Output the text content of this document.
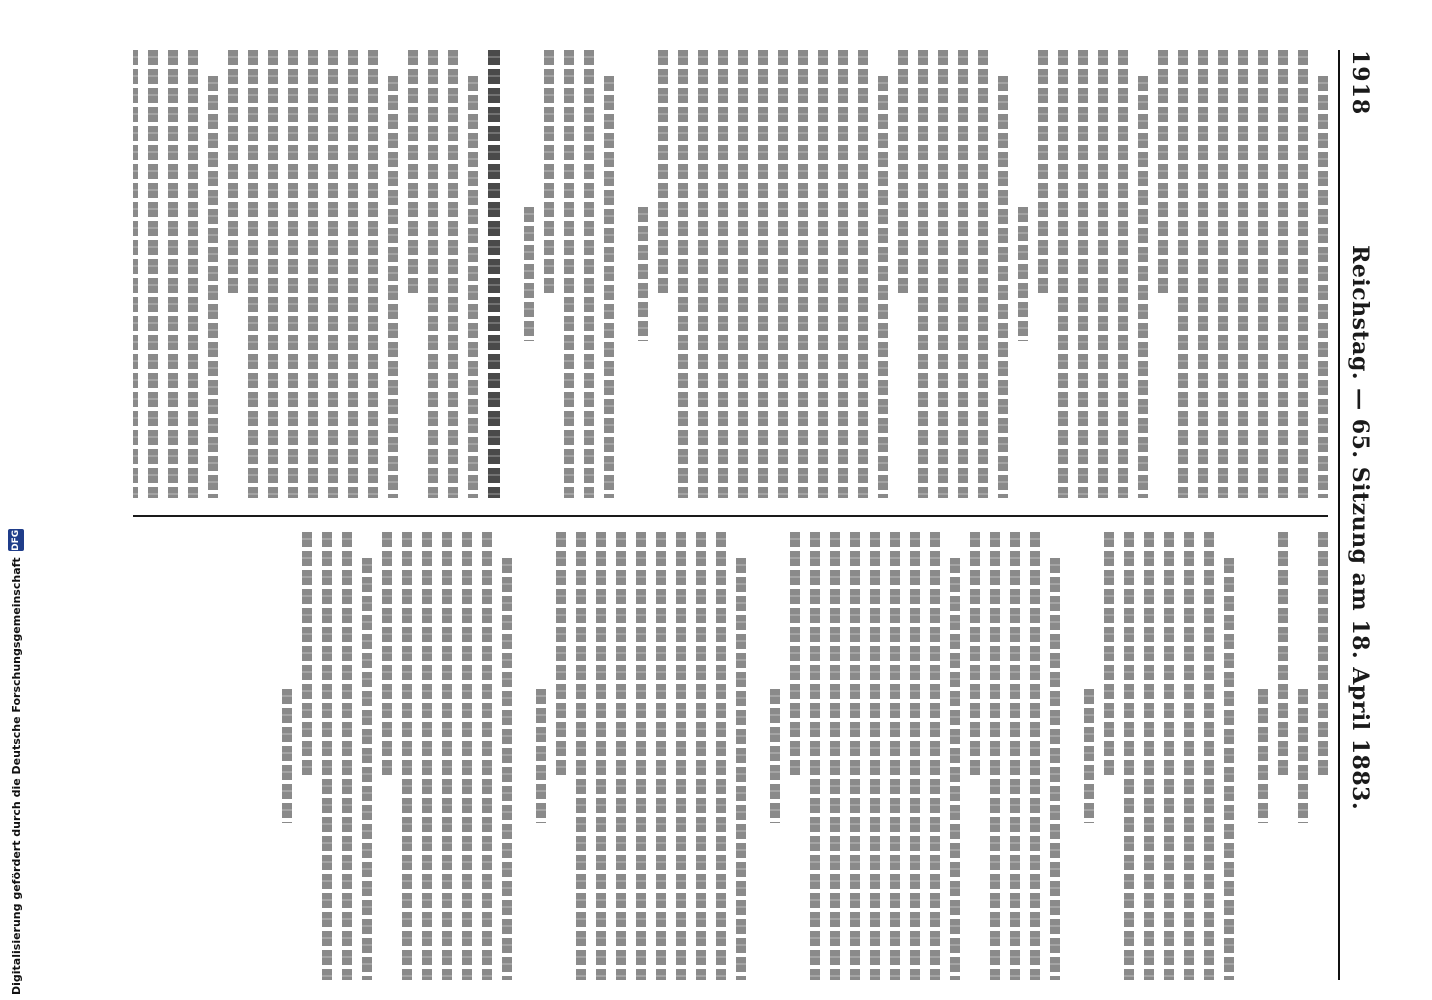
1918
Reichstag. — 65. Sitzung am 18. April 1883.
Digitalisierung gefördert durch die Deutsche Forschungsgemeinschaft
DFG
